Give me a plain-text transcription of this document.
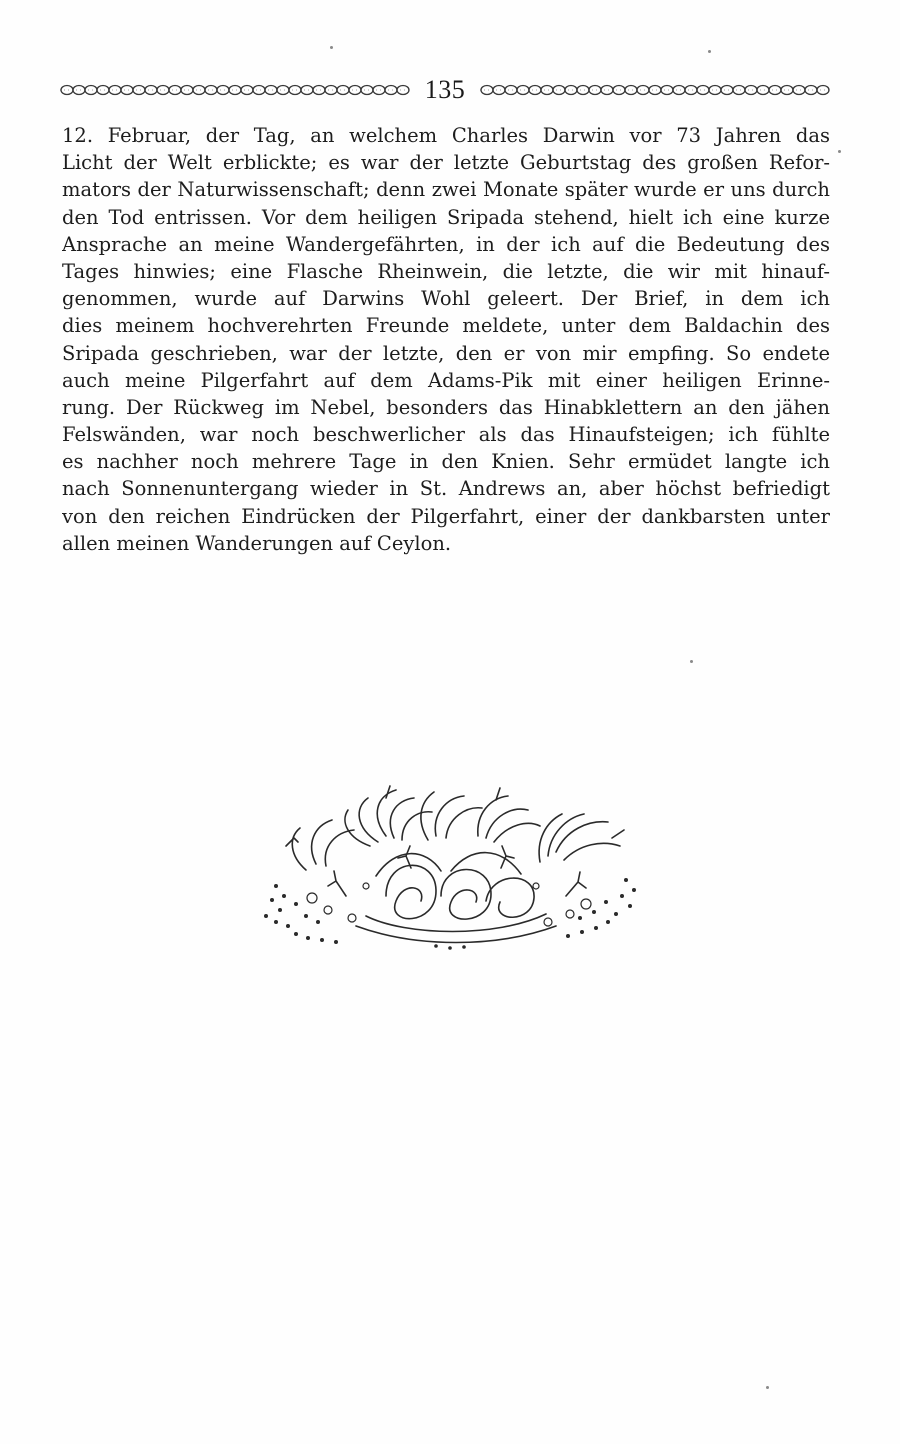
135
12. Februar, der Tag, an welchem Charles Darwin vor 73 Jahren das
Licht der Welt erblickte; es war der letzte Geburtstag des großen Refor-
mators der Naturwissenschaft; denn zwei Monate später wurde er uns durch
den Tod entrissen. Vor dem heiligen Sripada stehend, hielt ich eine kurze
Ansprache an meine Wandergefährten, in der ich auf die Bedeutung des
Tages hinwies; eine Flasche Rheinwein, die letzte, die wir mit hinauf-
genommen, wurde auf Darwins Wohl geleert. Der Brief, in dem ich
dies meinem hochverehrten Freunde meldete, unter dem Baldachin des
Sripada geschrieben, war der letzte, den er von mir empfing. So endete
auch meine Pilgerfahrt auf dem Adams-Pik mit einer heiligen Erinne-
rung. Der Rückweg im Nebel, besonders das Hinabklettern an den jähen
Felswänden, war noch beschwerlicher als das Hinaufsteigen; ich fühlte
es nachher noch mehrere Tage in den Knien. Sehr ermüdet langte ich
nach Sonnenuntergang wieder in St. Andrews an, aber höchst befriedigt
von den reichen Eindrücken der Pilgerfahrt, einer der dankbarsten unter
allen meinen Wanderungen auf Ceylon.
